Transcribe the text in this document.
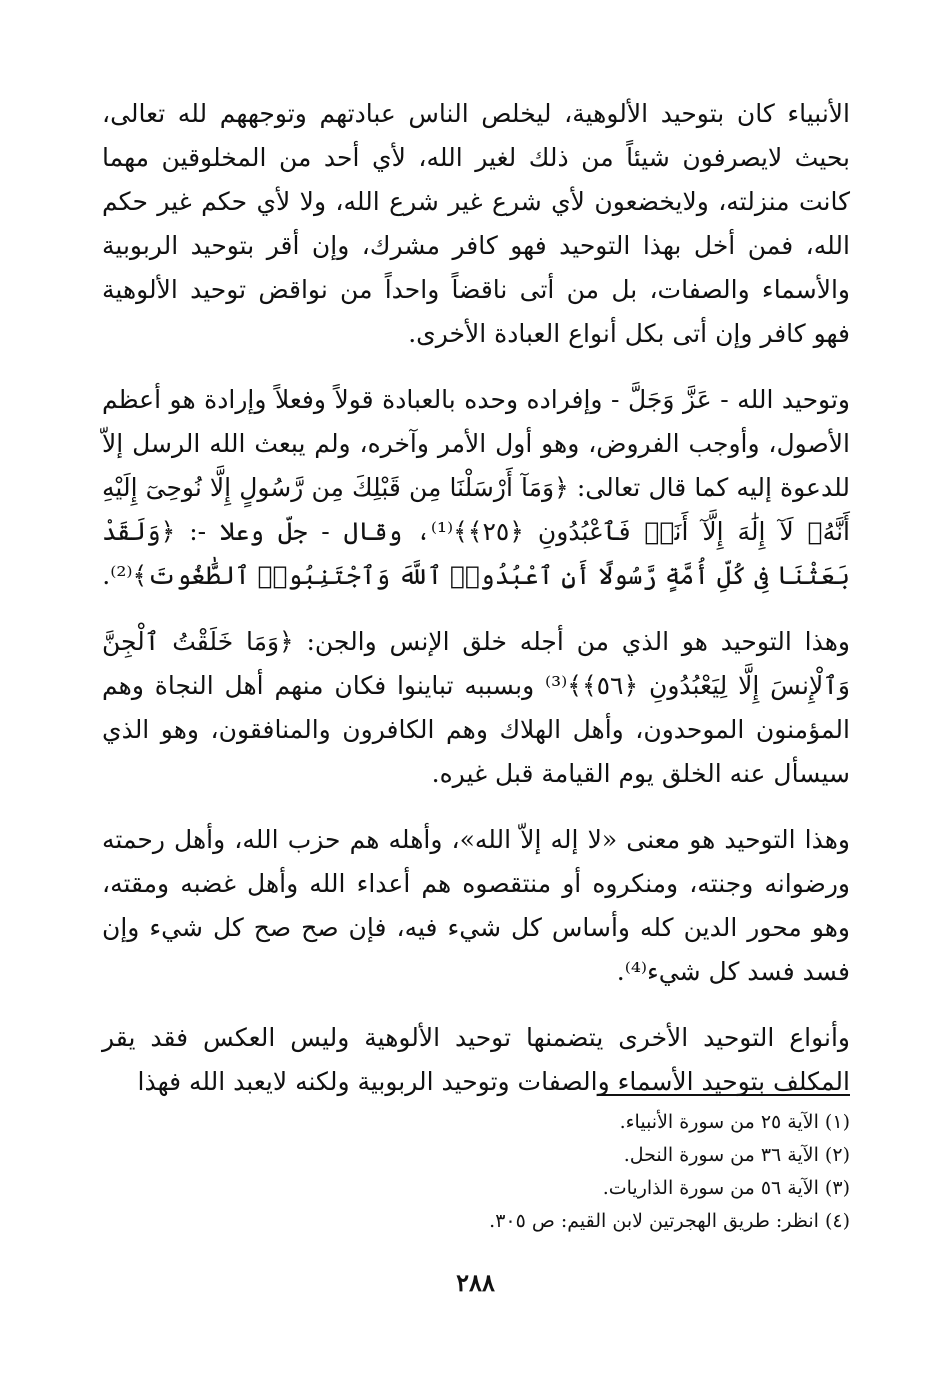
الأنبياء كان بتوحيد الألوهية، ليخلص الناس عبادتهم وتوجههم لله تعالى، بحيث لايصرفون شيئاً من ذلك لغير الله، لأي أحد من المخلوقين مهما كانت منزلته، ولايخضعون لأي شرع غير شرع الله، ولا لأي حكم غير حكم الله، فمن أخل بهذا التوحيد فهو كافر مشرك، وإن أقر بتوحيد الربوبية والأسماء والصفات، بل من أتى ناقضاً واحداً من نواقض توحيد الألوهية فهو كافر وإن أتى بكل أنواع العبادة الأخرى.

وتوحيد الله - عَزَّ وَجَلَّ - وإفراده وحده بالعبادة قولاً وفعلاً وإرادة هو أعظم الأصول، وأوجب الفروض، وهو أول الأمر وآخره، ولم يبعث الله الرسل إلاّ للدعوة إليه كما قال تعالى: ﴿وَمَآ أَرْسَلْنَا مِن قَبْلِكَ مِن رَّسُولٍ إِلَّا نُوحِىٓ إِلَيْهِ أَنَّهُۥ لَآ إِلَٰهَ إِلَّآ أَنَا۠ فَٱعْبُدُونِ ﴿٢٥﴾﴾⁽¹⁾، وقال - جلّ وعلا -: ﴿وَلَقَدْ بَعَثْنَا فِى كُلِّ أُمَّةٍ رَّسُولًا أَنِ ٱعْبُدُوا۟ ٱللَّهَ وَٱجْتَنِبُوا۟ ٱلطَّٰغُوتَ﴾⁽²⁾.

وهذا التوحيد هو الذي من أجله خلق الإنس والجن: ﴿وَمَا خَلَقْتُ ٱلْجِنَّ وَٱلْإِنسَ إِلَّا لِيَعْبُدُونِ ﴿٥٦﴾﴾⁽³⁾ وبسببه تباينوا فكان منهم أهل النجاة وهم المؤمنون الموحدون، وأهل الهلاك وهم الكافرون والمنافقون، وهو الذي سيسأل عنه الخلق يوم القيامة قبل غيره.

وهذا التوحيد هو معنى «لا إله إلاّ الله»، وأهله هم حزب الله، وأهل رحمته ورضوانه وجنته، ومنكروه أو منتقصوه هم أعداء الله وأهل غضبه ومقته، وهو محور الدين كله وأساس كل شيء فيه، فإن صح صح كل شيء وإن فسد فسد كل شيء⁽⁴⁾.

وأنواع التوحيد الأخرى يتضمنها توحيد الألوهية وليس العكس فقد يقر المكلف بتوحيد الأسماء والصفات وتوحيد الربوبية ولكنه لايعبد الله فهذا

(١) الآية ٢٥ من سورة الأنبياء.
(٢) الآية ٣٦ من سورة النحل.
(٣) الآية ٥٦ من سورة الذاريات.
(٤) انظر: طريق الهجرتين لابن القيم: ص ٣٠٥.
٢٨٨
